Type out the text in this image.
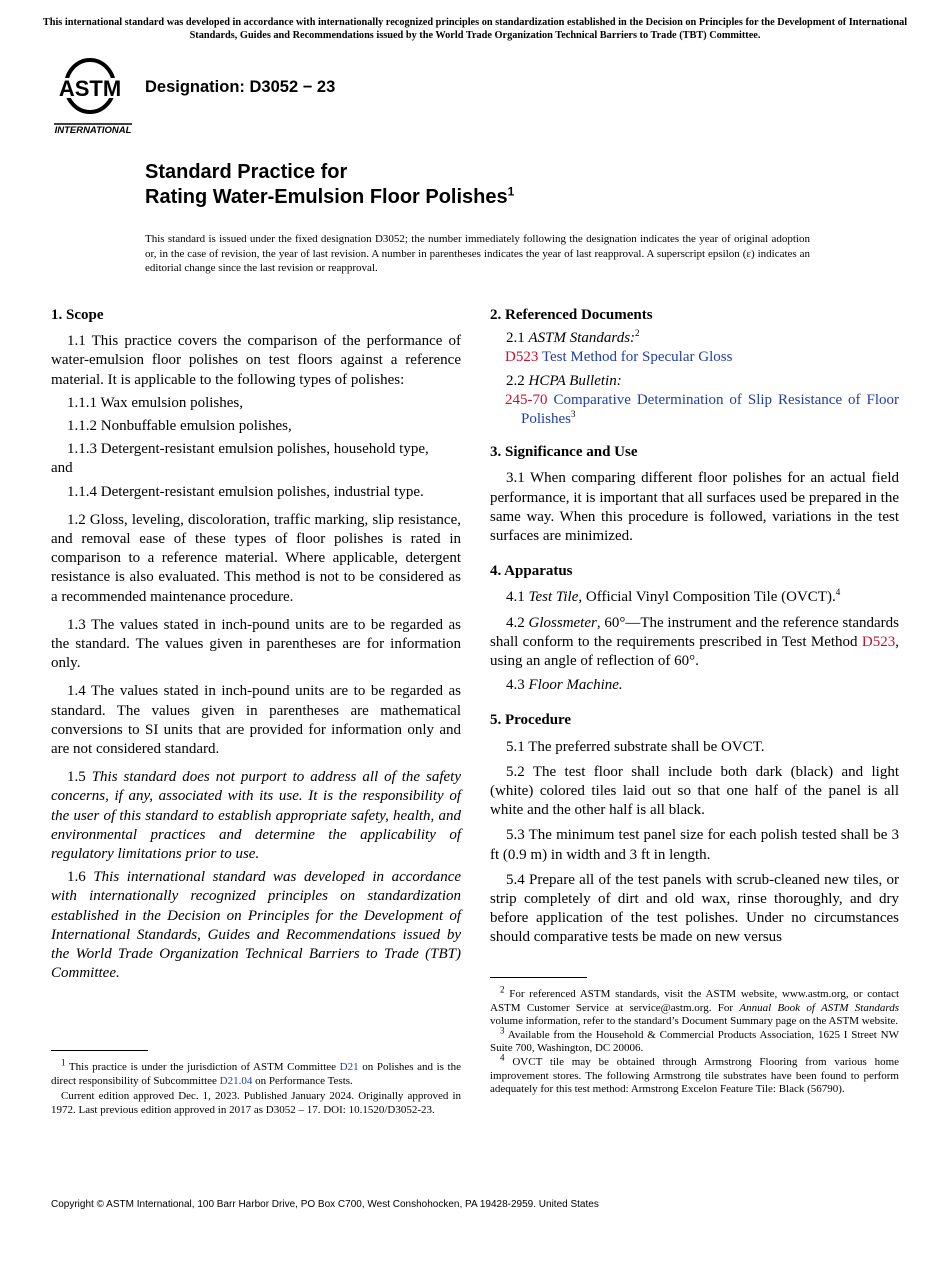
This international standard was developed in accordance with internationally recognized principles on standardization established in the Decision on Principles for the Development of International Standards, Guides and Recommendations issued by the World Trade Organization Technical Barriers to Trade (TBT) Committee.
ASTM
INTERNATIONAL
Designation: D3052 − 23
Standard Practice for
Rating Water-Emulsion Floor Polishes$^1$
This standard is issued under the fixed designation D3052; the number immediately following the designation indicates the year of original adoption or, in the case of revision, the year of last revision. A number in parentheses indicates the year of last reapproval. A superscript epsilon (ε) indicates an editorial change since the last revision or reapproval.

1. Scope

1.1 This practice covers the comparison of the performance of water-emulsion floor polishes on test floors against a reference material. It is applicable to the following types of polishes:

1.1.1 Wax emulsion polishes,

1.1.2 Nonbuffable emulsion polishes,

1.1.3 Detergent-resistant emulsion polishes, household type,

and

1.1.4 Detergent-resistant emulsion polishes, industrial type.

1.2 Gloss, leveling, discoloration, traffic marking, slip resistance, and removal ease of these types of floor polishes is rated in comparison to a reference material. Where applicable, detergent resistance is also evaluated. This method is not to be considered as a recommended maintenance procedure.

1.3 The values stated in inch-pound units are to be regarded as the standard. The values given in parentheses are for information only.

1.4 The values stated in inch-pound units are to be regarded as standard. The values given in parentheses are mathematical conversions to SI units that are provided for information only and are not considered standard.

1.5 This standard does not purport to address all of the safety concerns, if any, associated with its use. It is the responsibility of the user of this standard to establish appropriate safety, health, and environmental practices and determine the applicability of regulatory limitations prior to use.

1.6 This international standard was developed in accordance with internationally recognized principles on standardization established in the Decision on Principles for the Development of International Standards, Guides and Recommendations issued by the World Trade Organization Technical Barriers to Trade (TBT) Committee.

2. Referenced Documents

2.1 ASTM Standards:$^2$

D523 Test Method for Specular Gloss

2.2 HCPA Bulletin:

245-70 Comparative Determination of Slip Resistance of Floor Polishes$^3$

3. Significance and Use

3.1 When comparing different floor polishes for an actual field performance, it is important that all surfaces used be prepared in the same way. When this procedure is followed, variations in the test surfaces are minimized.

4. Apparatus

4.1 Test Tile, Official Vinyl Composition Tile (OVCT).$^4$

4.2 Glossmeter, 60°—The instrument and the reference standards shall conform to the requirements prescribed in Test Method D523, using an angle of reflection of 60°.

4.3 Floor Machine.

5. Procedure

5.1 The preferred substrate shall be OVCT.

5.2 The test floor shall include both dark (black) and light (white) colored tiles laid out so that one half of the panel is all white and the other half is all black.

5.3 The minimum test panel size for each polish tested shall be 3 ft (0.9 m) in width and 3 ft in length.

5.4 Prepare all of the test panels with scrub-cleaned new tiles, or strip completely of dirt and old wax, rinse thoroughly, and dry before application of the test polishes. Under no circumstances should comparative tests be made on new versus

$^1$ This practice is under the jurisdiction of ASTM Committee D21 on Polishes and is the direct responsibility of Subcommittee D21.04 on Performance Tests.

Current edition approved Dec. 1, 2023. Published January 2024. Originally approved in 1972. Last previous edition approved in 2017 as D3052 – 17. DOI: 10.1520/D3052-23.

$^2$ For referenced ASTM standards, visit the ASTM website, www.astm.org, or contact ASTM Customer Service at service@astm.org. For Annual Book of ASTM Standards volume information, refer to the standard’s Document Summary page on the ASTM website.

$^3$ Available from the Household & Commercial Products Association, 1625 I Street NW Suite 700, Washington, DC 20006.

$^4$ OVCT tile may be obtained through Armstrong Flooring from various home improvement stores. The following Armstrong tile substrates have been found to perform adequately for this test method: Armstrong Excelon Feature Tile: Black (56790).

Copyright © ASTM International, 100 Barr Harbor Drive, PO Box C700, West Conshohocken, PA 19428-2959. United States
